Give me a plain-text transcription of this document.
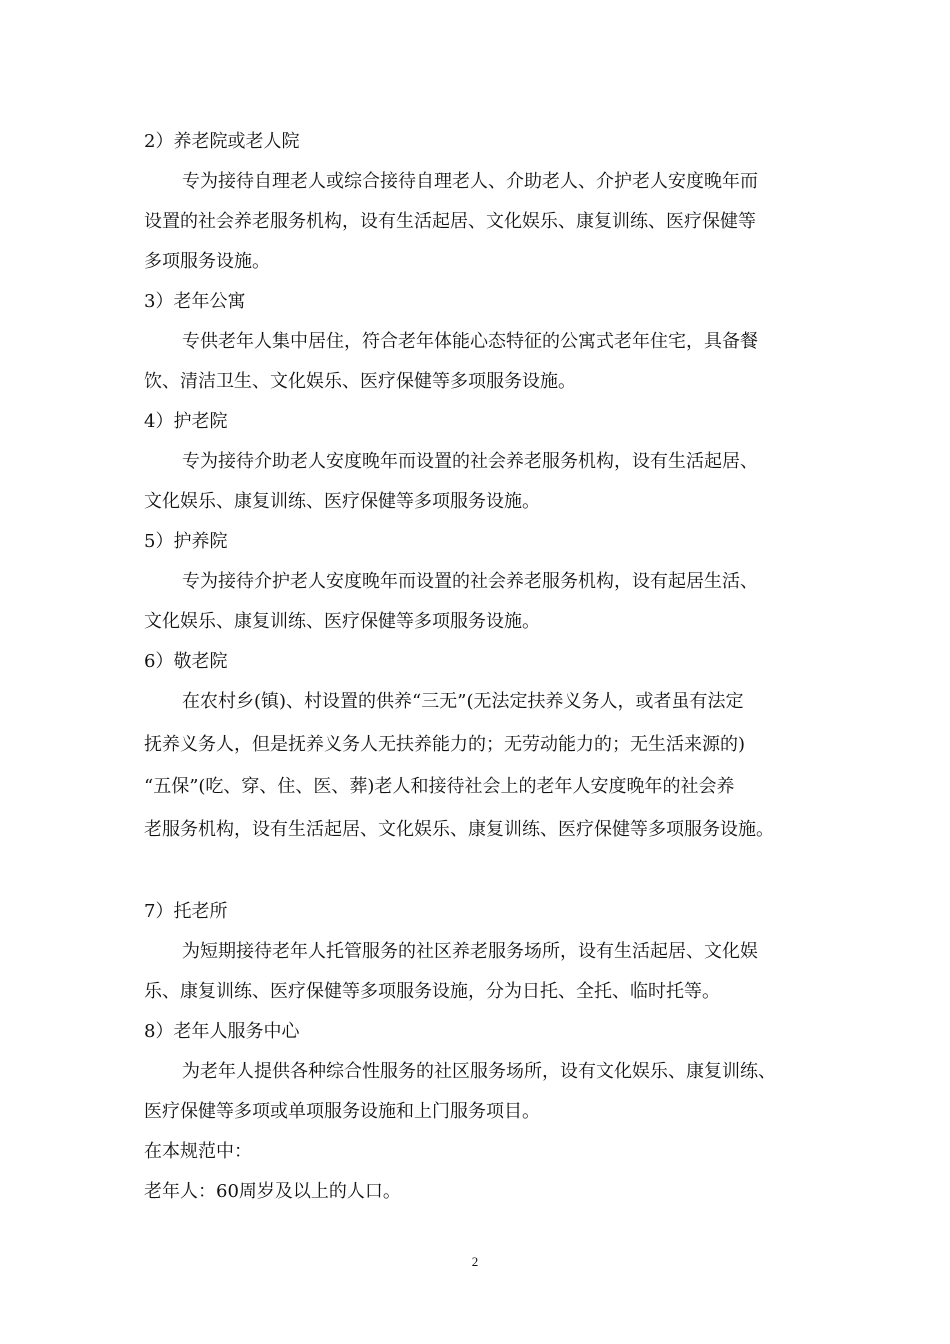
2）养老院或老人院
专为接待自理老人或综合接待自理老人、介助老人、介护老人安度晚年而
设置的社会养老服务机构，设有生活起居、文化娱乐、康复训练、医疗保健等
多项服务设施。
3）老年公寓
专供老年人集中居住，符合老年体能心态特征的公寓式老年住宅，具备餐
饮、清洁卫生、文化娱乐、医疗保健等多项服务设施。
4）护老院
专为接待介助老人安度晚年而设置的社会养老服务机构，设有生活起居、
文化娱乐、康复训练、医疗保健等多项服务设施。
5）护养院
专为接待介护老人安度晚年而设置的社会养老服务机构，设有起居生活、
文化娱乐、康复训练、医疗保健等多项服务设施。
6）敬老院
在农村乡(镇)、村设置的供养“三无”(无法定扶养义务人，或者虽有法定
抚养义务人，但是抚养义务人无扶养能力的；无劳动能力的；无生活来源的)
“五保”(吃、穿、住、医、葬)老人和接待社会上的老年人安度晚年的社会养
老服务机构，设有生活起居、文化娱乐、康复训练、医疗保健等多项服务设施。
7）托老所
为短期接待老年人托管服务的社区养老服务场所，设有生活起居、文化娱
乐、康复训练、医疗保健等多项服务设施，分为日托、全托、临时托等。
8）老年人服务中心
为老年人提供各种综合性服务的社区服务场所，设有文化娱乐、康复训练、
医疗保健等多项或单项服务设施和上门服务项目。
在本规范中：
老年人：60周岁及以上的人口。
2
